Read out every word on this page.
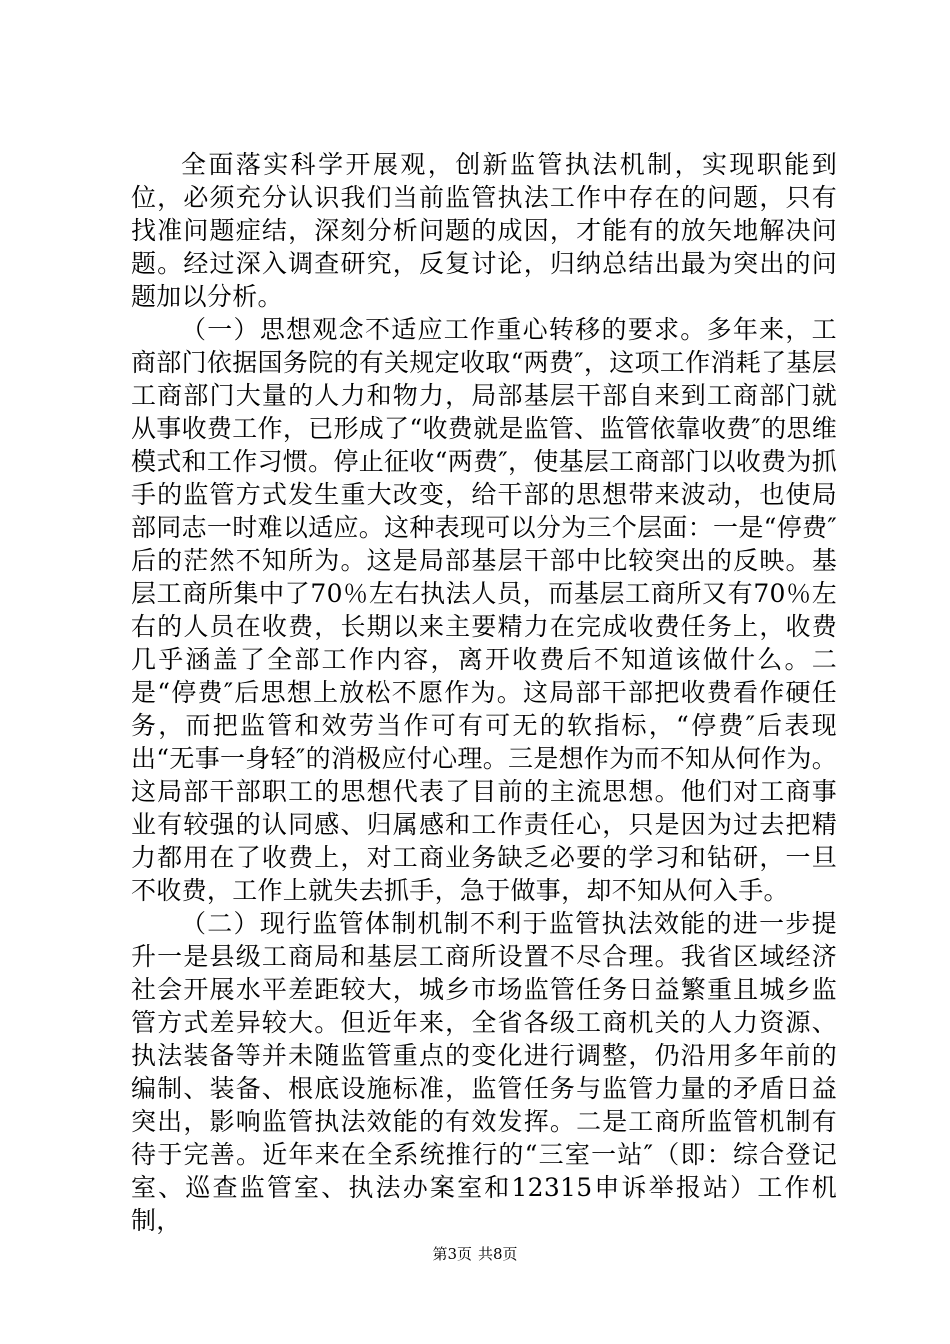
全面落实科学开展观，创新监管执法机制，实现职能到位，必须充分认识我们当前监管执法工作中存在的问题，只有找准问题症结，深刻分析问题的成因，才能有的放矢地解决问题。经过深入调查研究，反复讨论，归纳总结出最为突出的问题加以分析。

（一）思想观念不适应工作重心转移的要求。多年来，工商部门依据国务院的有关规定收取“两费″，这项工作消耗了基层工商部门大量的人力和物力，局部基层干部自来到工商部门就从事收费工作，已形成了“收费就是监管、监管依靠收费″的思维模式和工作习惯。停止征收“两费″，使基层工商部门以收费为抓手的监管方式发生重大改变，给干部的思想带来波动，也使局部同志一时难以适应。这种表现可以分为三个层面：一是“停费″后的茫然不知所为。这是局部基层干部中比较突出的反映。基层工商所集中了70％左右执法人员，而基层工商所又有70％左右的人员在收费，长期以来主要精力在完成收费任务上，收费几乎涵盖了全部工作内容，离开收费后不知道该做什么。二是“停费″后思想上放松不愿作为。这局部干部把收费看作硬任务，而把监管和效劳当作可有可无的软指标，“停费″后表现出“无事一身轻″的消极应付心理。三是想作为而不知从何作为。这局部干部职工的思想代表了目前的主流思想。他们对工商事业有较强的认同感、归属感和工作责任心，只是因为过去把精力都用在了收费上，对工商业务缺乏必要的学习和钻研，一旦不收费，工作上就失去抓手，急于做事，却不知从何入手。

（二）现行监管体制机制不利于监管执法效能的进一步提升一是县级工商局和基层工商所设置不尽合理。我省区域经济社会开展水平差距较大，城乡市场监管任务日益繁重且城乡监管方式差异较大。但近年来，全省各级工商机关的人力资源、执法装备等并未随监管重点的变化进行调整，仍沿用多年前的编制、装备、根底设施标准，监管任务与监管力量的矛盾日益突出，影响监管执法效能的有效发挥。二是工商所监管机制有待于完善。近年来在全系统推行的“三室一站″（即：综合登记室、巡查监管室、执法办案室和12315申诉举报站）工作机制，

第3页 共8页
